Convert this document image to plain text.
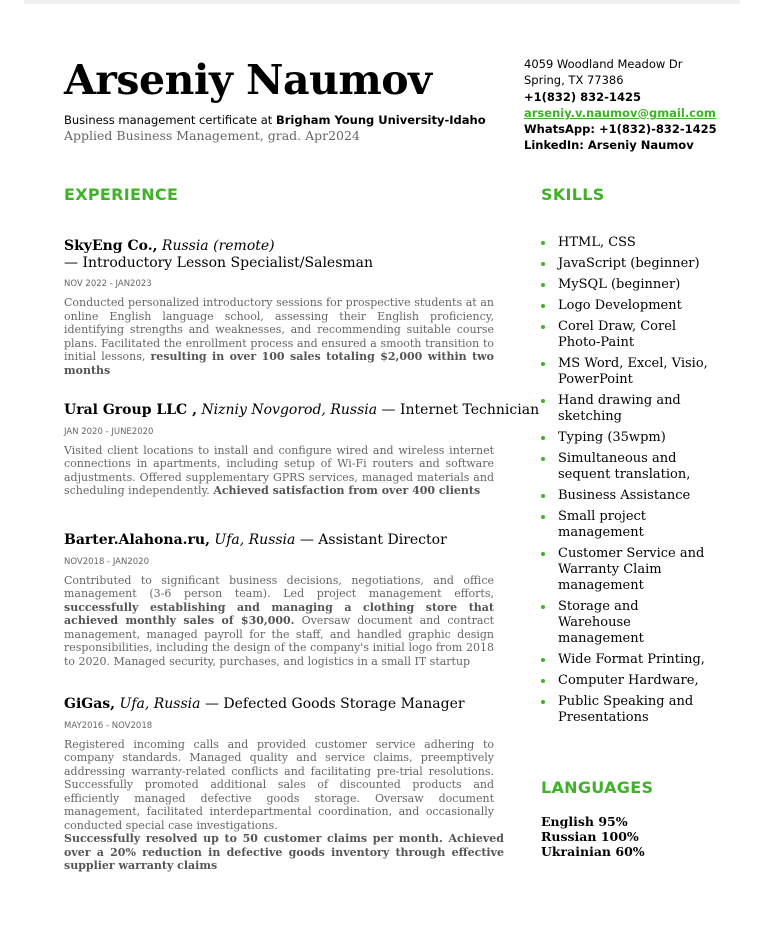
Arseniy Naumov
Business management certificate at Brigham Young University-Idaho
Applied Business Management, grad. Apr2024
4059 Woodland Meadow Dr
Spring, TX 77386
+1(832) 832-1425
arseniy.v.naumov@gmail.com
WhatsApp: +1(832)-832-1425
LinkedIn: Arseniy Naumov
EXPERIENCE
SkyEng Co., Russia (remote)
— Introductory Lesson Specialist/Salesman
NOV 2022 - JAN2023
Conducted personalized introductory sessions for prospective students at an online English language school, assessing their English proficiency, identifying strengths and weaknesses, and recommending suitable course plans. Facilitated the enrollment process and ensured a smooth transition to initial lessons, resulting in over 100 sales totaling $2,000 within two months
Ural Group LLC , Nizniy Novgorod, Russia — Internet Technician
JAN 2020 - JUNE2020
Visited client locations to install and configure wired and wireless internet connections in apartments, including setup of Wi-Fi routers and software adjustments. Offered supplementary GPRS services, managed materials and scheduling independently. Achieved satisfaction from over 400 clients
Barter.Alahona.ru, Ufa, Russia — Assistant Director
NOV2018 - JAN2020
Contributed to significant business decisions, negotiations, and office management (3-6 person team). Led project management efforts, successfully establishing and managing a clothing store that achieved monthly sales of $30,000. Oversaw document and contract management, managed payroll for the staff, and handled graphic design responsibilities, including the design of the company's initial logo from 2018 to 2020. Managed security, purchases, and logistics in a small IT startup
GiGas, Ufa, Russia — Defected Goods Storage Manager
MAY2016 - NOV2018
Registered incoming calls and provided customer service adhering to company standards. Managed quality and service claims, preemptively addressing warranty-related conflicts and facilitating pre-trial resolutions. Successfully promoted additional sales of discounted products and efficiently managed defective goods storage. Oversaw document management, facilitated interdepartmental coordination, and occasionally conducted special case investigations.
Successfully resolved up to 50 customer claims per month. Achieved over a 20% reduction in defective goods inventory through effective supplier warranty claims
SKILLS
HTML, CSS
JavaScript (beginner)
MySQL (beginner)
Logo Development
Corel Draw, Corel Photo-Paint
MS Word, Excel, Visio, PowerPoint
Hand drawing and sketching
Typing (35wpm)
Simultaneous and sequent translation,
Business Assistance
Small project management
Customer Service and Warranty Claim management
Storage and Warehouse management
Wide Format Printing,
Computer Hardware,
Public Speaking and Presentations
LANGUAGES
English 95%
Russian 100%
Ukrainian 60%
